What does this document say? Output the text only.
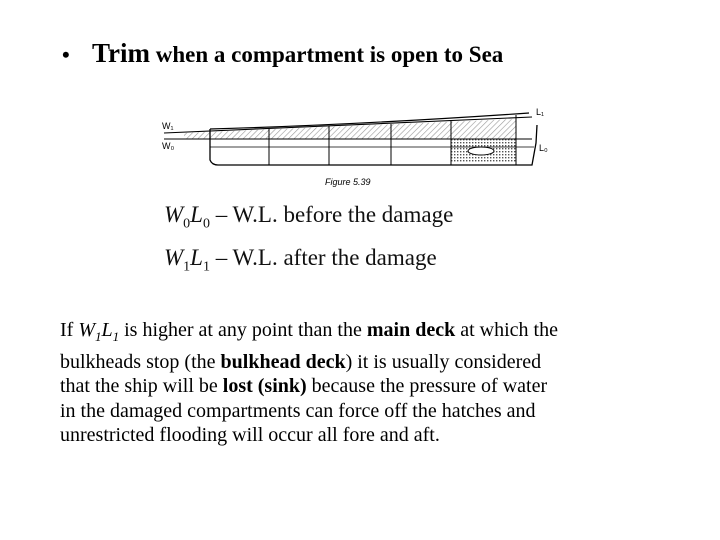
• Trim when a compartment is open to Sea
W₁
W₀
L₁
L₀
Figure 5.39
$W_0L_0 - W.L$. before the damage
$W_1L_1 - W.L$. after the damage

If $W_1L_1$ is higher at any point than the main deck at which the

bulkheads stop (the bulkhead deck) it is usually considered

that the ship will be lost (sink) because the pressure of water

in the damaged compartments can force off the hatches and

unrestricted flooding will occur all fore and aft.
